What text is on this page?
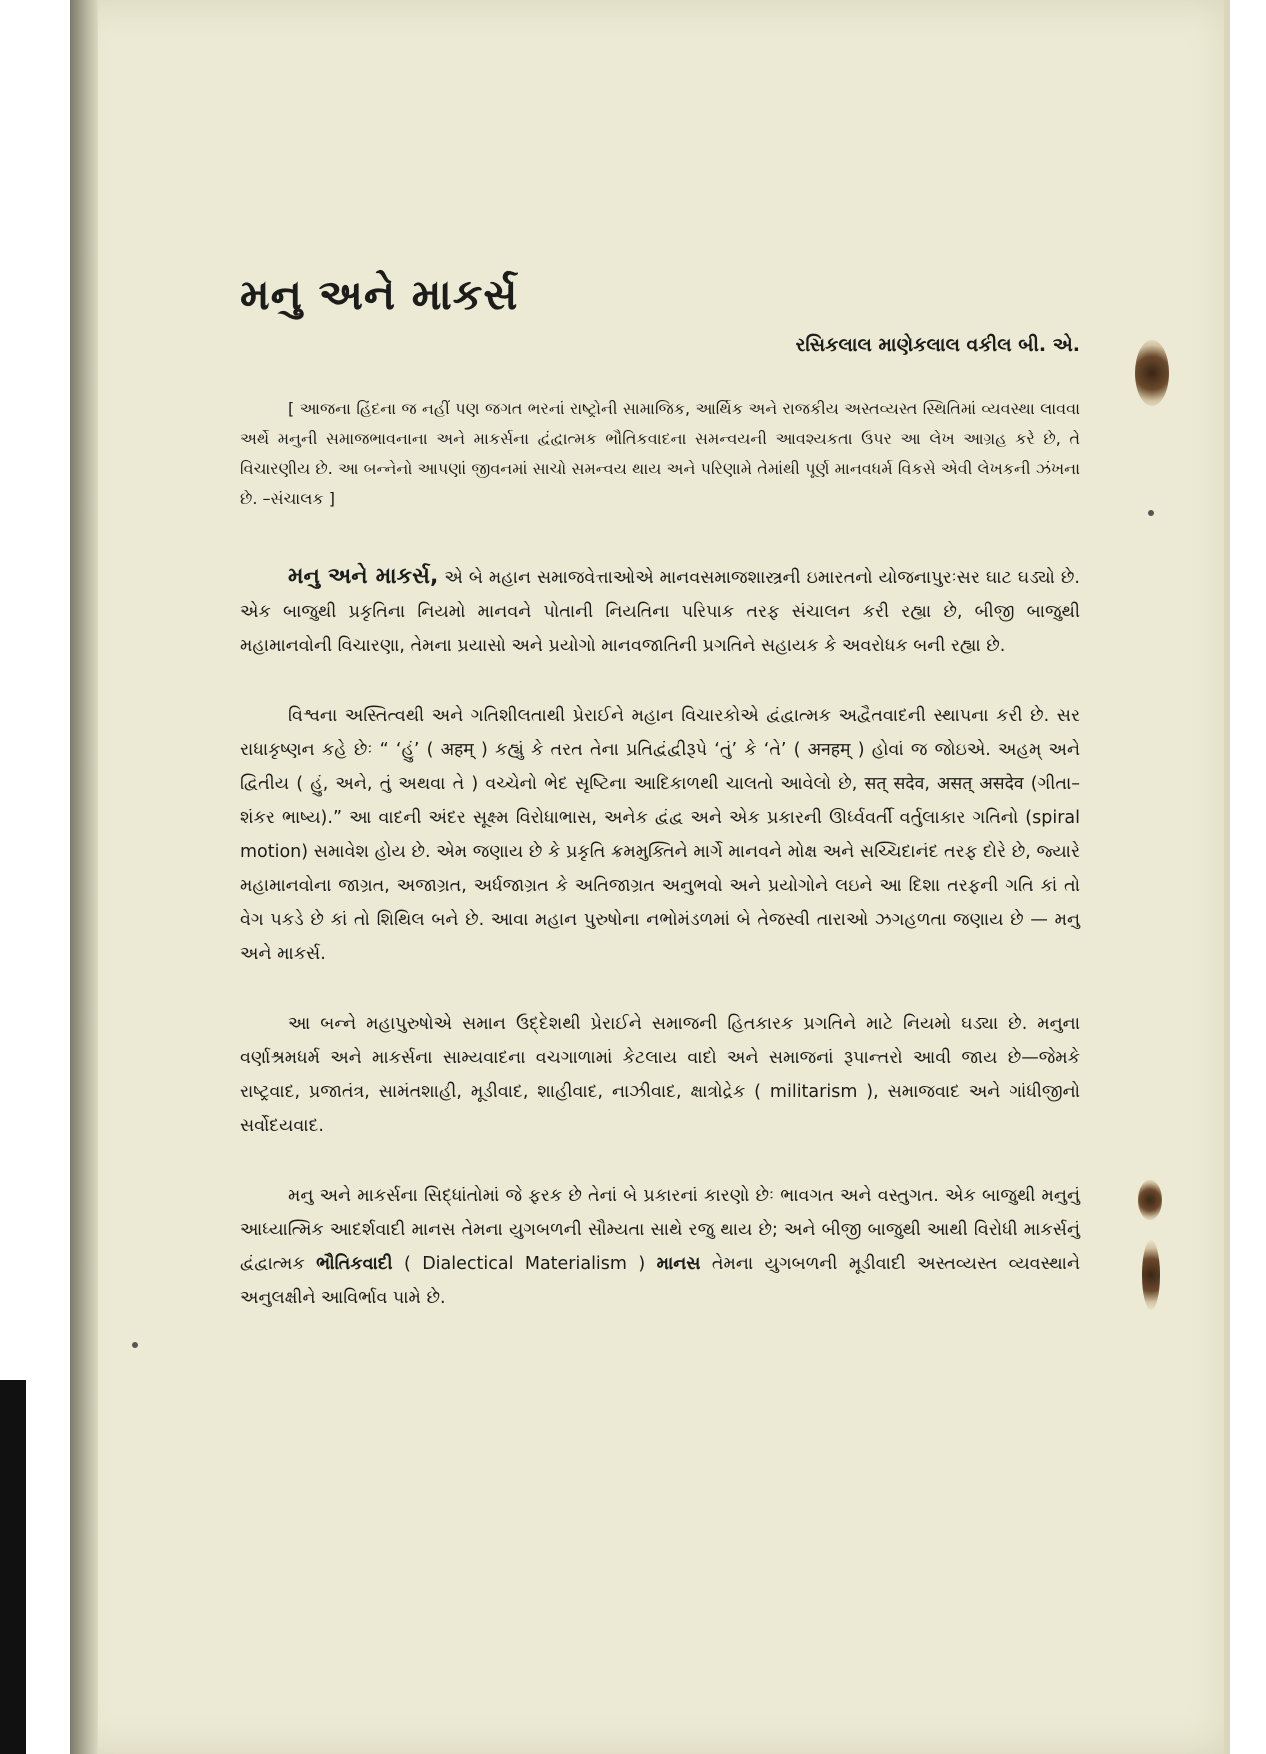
મનુ અને માકર્સ
રસિકલાલ માણેકલાલ વકીલ બી. એ.

[ આજના હિંદના જ નહીં પણ જગત ભરનાં રાષ્ટ્રોની સામાજિક, આર્થિક અને રાજકીય અસ્તવ્યસ્ત સ્થિતિમાં વ્યવસ્થા લાવવા અર્થે મનુની સમાજભાવનાના અને માકર્સના દ્વંદ્વાત્મક ભૌતિકવાદના સમન્વયની આવશ્યકતા ઉપર આ લેખ આગ્રહ કરે છે, તે વિચારણીય છે. આ બન્નેનો આપણાં જીવનમાં સાચો સમન્વય થાય અને પરિણામે તેમાંથી પૂર્ણ માનવધર્મ વિકસે એવી લેખકની ઝંખના છે. –સંચાલક ]

મનુ અને માકર્સ, એ બે મહાન સમાજવેત્તાઓએ માનવસમાજશાસ્ત્રની ઇમારતનો યોજનાપુરઃસર ઘાટ ઘડ્યો છે. એક બાજુથી પ્રકૃતિના નિયમો માનવને પોતાની નિયતિના પરિપાક તરફ સંચાલન કરી રહ્યા છે, બીજી બાજુથી મહામાનવોની વિચારણા, તેમના પ્રયાસો અને પ્રયોગો માનવજાતિની પ્રગતિને સહાયક કે અવરોધક બની રહ્યા છે.

વિશ્વના અસ્તિત્વથી અને ગતિશીલતાથી પ્રેરાઈને મહાન વિચારકોએ દ્વંદ્વાત્મક અદ્વૈતવાદની સ્થાપના કરી છે. સર રાધાકૃષ્ણન કહે છેઃ “ ‘હું’ ( अहम् ) કહ્યું કે તરત તેના પ્રતિદ્વંદ્વીરૂપે ‘તું’ કે ‘તે’ ( अनहम् ) હોવાં જ જોઇએ. અહમ્ અને દ્વિતીય ( હું, અને, તું અથવા તે ) વચ્ચેનો ભેદ સૃષ્ટિના આદિકાળથી ચાલતો આવેલો છે, सत् सदेव, असत् असदेव (ગીતા–શંકર ભાષ્ય).” આ વાદની અંદર સૂક્ષ્મ વિરોધાભાસ, અનેક દ્વંદ્વ અને એક પ્રકારની ઊર્ધ્વવર્તી વર્તુલાકાર ગતિનો (spiral motion) સમાવેશ હોય છે. એમ જણાય છે કે પ્રકૃતિ ક્રમમુક્તિને માર્ગે માનવને મોક્ષ અને સચ્ચિદાનંદ તરફ દોરે છે, જ્યારે મહામાનવોના જાગ્રત, અજાગ્રત, અર્ધજાગ્રત કે અતિજાગ્રત અનુભવો અને પ્રયોગોને લઇને આ દિશા તરફની ગતિ કાં તો વેગ પકડે છે કાં તો શિથિલ બને છે. આવા મહાન પુરુષોના નભોમંડળમાં બે તેજસ્વી તારાઓ ઝગહળતા જણાય છે — મનુ અને માકર્સ.

આ બન્ને મહાપુરુષોએ સમાન ઉદ્દેશથી પ્રેરાઈને સમાજની હિતકારક પ્રગતિને માટે નિયમો ઘડ્યા છે. મનુના વર્ણાશ્રમધર્મ અને માકર્સના સામ્યવાદના વચગાળામાં કેટલાય વાદો અને સમાજનાં રૂપાન્તરો આવી જાય છે—જેમકે રાષ્ટ્રવાદ, પ્રજાતંત્ર, સામંતશાહી, મૂડીવાદ, શાહીવાદ, નાઝીવાદ, ક્ષાત્રોદ્રેક ( militarism ), સમાજવાદ અને ગાંધીજીનો સર્વોદયવાદ.

મનુ અને માકર્સના સિદ્ધાંતોમાં જે ફરક છે તેનાં બે પ્રકારનાં કારણો છેઃ ભાવગત અને વસ્તુગત. એક બાજુથી મનુનું આધ્યાત્મિક આદર્શવાદી માનસ તેમના યુગબળની સૌમ્યતા સાથે રજુ થાય છે; અને બીજી બાજુથી આથી વિરોધી માકર્સનું દ્વંદ્વાત્મક ભૌતિકવાદી ( Dialectical Materialism ) માનસ તેમના યુગબળની મૂડીવાદી અસ્તવ્યસ્ત વ્યવસ્થાને અનુલક્ષીને આવિર્ભાવ પામે છે.
